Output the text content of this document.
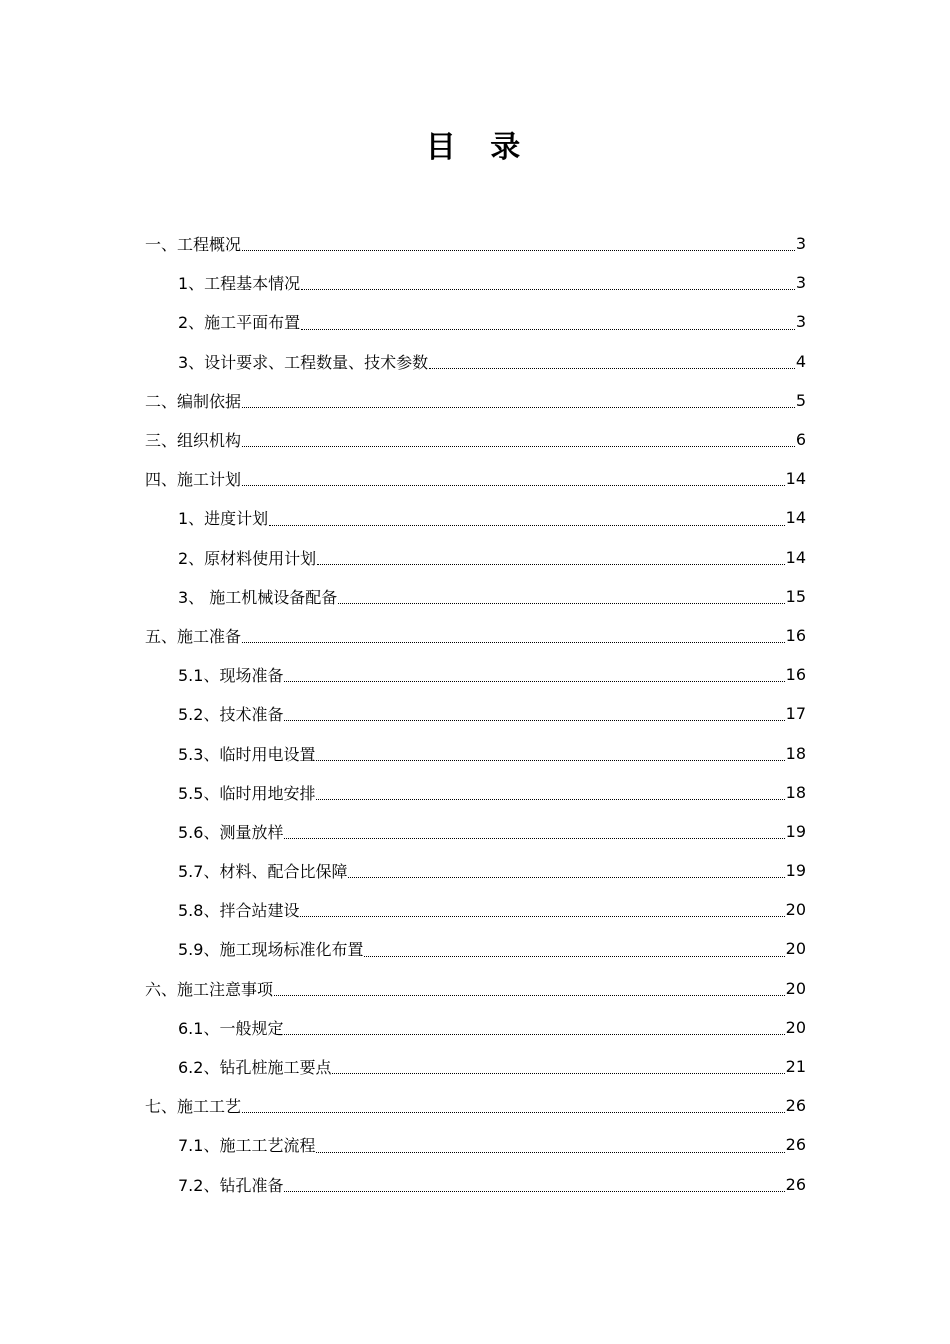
目 录
一、工程概况	3
1、工程基本情况	3
2、施工平面布置	3
3、设计要求、工程数量、技术参数	4
二、编制依据	5
三、组织机构	6
四、施工计划	14
1、进度计划	14
2、原材料使用计划	14
3、 施工机械设备配备	15
五、施工准备	16
5.1、现场准备	16
5.2、技术准备	17
5.3、临时用电设置	18
5.5、临时用地安排	18
5.6、测量放样	19
5.7、材料、配合比保障	19
5.8、拌合站建设	20
5.9、施工现场标准化布置	20
六、施工注意事项	20
6.1、一般规定	20
6.2、钻孔桩施工要点	21
七、施工工艺	26
7.1、施工工艺流程	26
7.2、钻孔准备	26
